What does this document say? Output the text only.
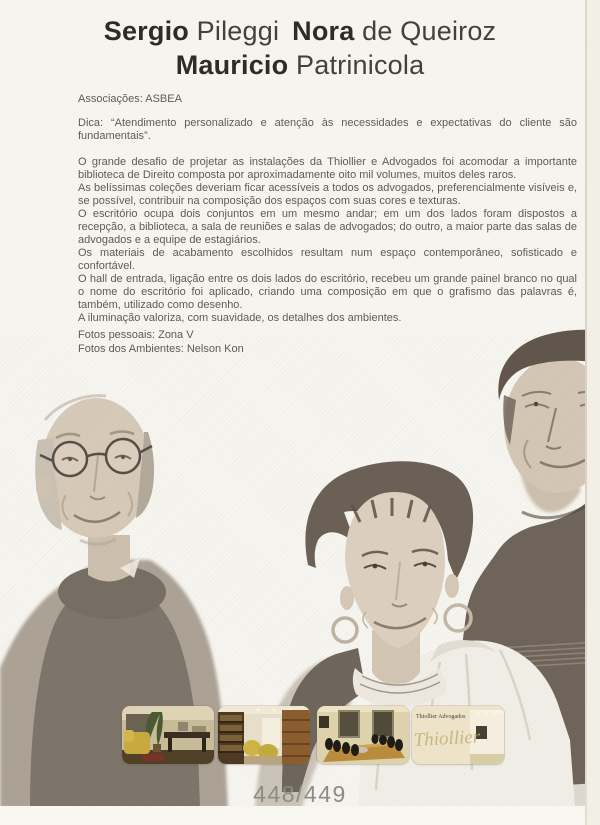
Sergio Pileggi Nora de Queiroz
Mauricio Patrinicola
Associações: ASBEA
Dica: “Atendimento personalizado e atenção às necessidades e expectativas do cliente são fundamentais”.

O grande desafio de projetar as instalações da Thiollier e Advogados foi acomodar a importante biblioteca de Direito composta por aproximadamente oito mil volumes, muitos deles raros.

As belíssimas coleções deveriam ficar acessíveis a todos os advogados, preferencialmente visíveis e, se possível, contribuir na composição dos espaços com suas cores e texturas.

O escritório ocupa dois conjuntos em um mesmo andar; em um dos lados foram dispostos a recepção, a biblioteca, a sala de reuniões e salas de advogados; do outro, a maior parte das salas de advogados e a equipe de estagiários.

Os materiais de acabamento escolhidos resultam num espaço contemporâneo, sofisticado e confortável.

O hall de entrada, ligação entre os dois lados do escritório, recebeu um grande painel branco no qual o nome do escritório foi aplicado, criando uma composição em que o grafismo das palavras é, também, utilizado como desenho.

A iluminação valoriza, com suavidade, os detalhes dos ambientes.

Fotos pessoais: Zona V
Fotos dos Ambientes: Nelson Kon
Thiollier Advogados
Thiollier
448/449
